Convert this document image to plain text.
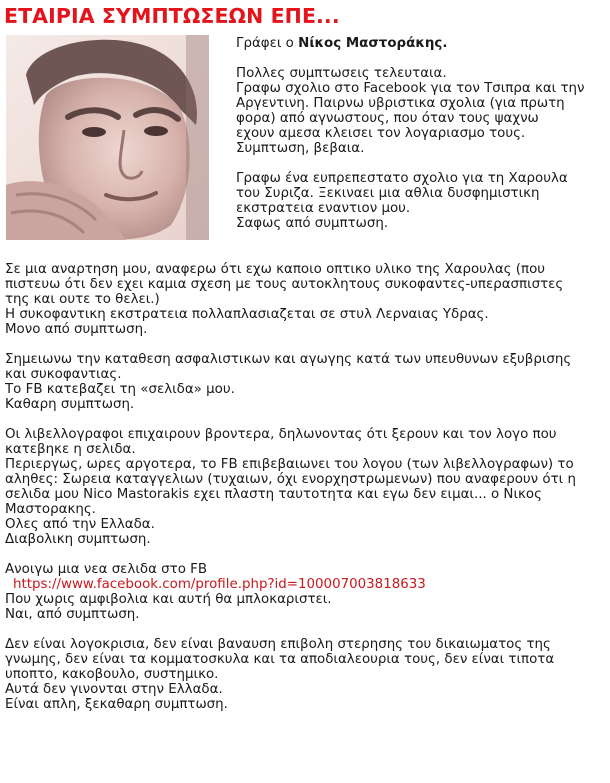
ΕΤΑΙΡΙΑ ΣΥΜΠΤΩΣΕΩΝ ΕΠΕ...

Γράφει ο Νίκος Μαστοράκης.

Πολλες συμπτωσεις τελευταια.

Γραφω σχολιο στο Facebook για τον Τσιπρα και την

Αργεντινη. Παιρνω υβριστικα σχολια (για πρωτη

φορα) από αγνωστους, που όταν τους ψαχνω

εχουν αμεσα κλεισει τον λογαριασμο τους.

Συμπτωση, βεβαια.

Γραφω ένα ευπρεπεστατο σχολιο για τη Χαρουλα

του Συριζα. Ξεκιναει μια αθλια δυσφημιστικη

εκστρατεια εναντιον μου.

Σαφως από συμπτωση.

Σε μια αναρτηση μου, αναφερω ότι εχω καποιο οπτικο υλικο της Χαρουλας (που

πιστευω ότι δεν εχει καμια σχεση με τους αυτοκλητους συκοφαντες-υπερασπιστες

της και ουτε το θελει.)

Η συκοφαντικη εκστρατεια πολλαπλασιαζεται σε στυλ Λερναιας Υδρας.

Μονο από συμπτωση.

Σημειωνω την καταθεση ασφαλιστικων και αγωγης κατά των υπευθυνων εξυβρισης

και συκοφαντιας.

Το FB κατεβαζει τη «σελιδα» μου.

Καθαρη συμπτωση.

Οι λιβελλογραφοι επιχαιρουν βροντερα, δηλωνοντας ότι ξερουν και τον λογο που

κατεβηκε η σελιδα.

Περιεργως, ωρες αργοτερα, το FB επιβεβαιωνει του λογου (των λιβελλογραφων) το

αληθες: Σωρεια καταγγελιων (τυχαιων, όχι ενορχηστρωμενων) που αναφερουν ότι η

σελιδα μου Nico Mastorakis εχει πλαστη ταυτοτητα και εγω δεν ειμαι... ο Νικος

Μαστορακης.

Ολες από την Ελλαδα.

Διαβολικη συμπτωση.

Ανοιγω μια νεα σελιδα στο FB

https://www.facebook.com/profile.php?id=100007003818633

Που χωρις αμφιβολια και αυτή θα μπλοκαριστει.

Ναι, από συμπτωση.

Δεν είναι λογοκρισια, δεν είναι βαναυση επιβολη στερησης του δικαιωματος της

γνωμης, δεν είναι τα κομματοσκυλα και τα αποδιαλεουρια τους, δεν είναι τιποτα

υποπτο, κακοβουλο, συστημικο.

Αυτά δεν γινονται στην Ελλαδα.

Είναι απλη, ξεκαθαρη συμπτωση.
